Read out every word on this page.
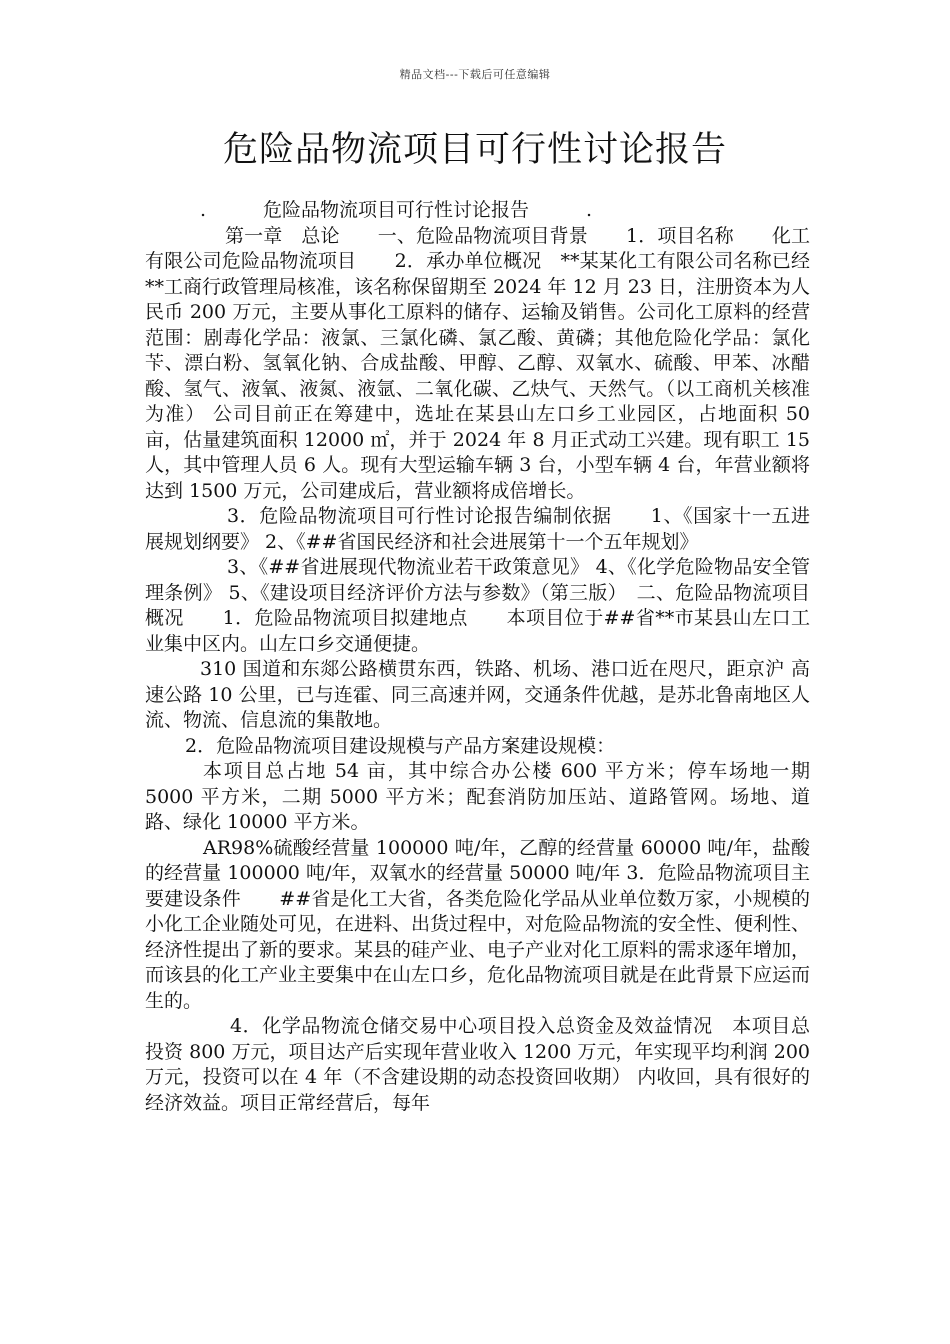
精品文档---下载后可任意编辑
危险品物流项目可行性讨论报告

.　　　危险品物流项目可行性讨论报告　　　.

第一章　总论　　一、危险品物流项目背景　　1．项目名称　　化工有限公司危险品物流项目　　2．承办单位概况　**某某化工有限公司名称已经**工商行政管理局核准，该名称保留期至 2024 年 12 月 23 日，注册资本为人民币 200 万元，主要从事化工原料的储存、运输及销售。公司化工原料的经营范围：剧毒化学品：液氯、三氯化磷、氯乙酸、黄磷；其他危险化学品：氯化苄、漂白粉、氢氧化钠、合成盐酸、甲醇、乙醇、双氧水、硫酸、甲苯、冰醋酸、氢气、液氧、液氮、液氩、二氧化碳、乙炔气、天然气。（以工商机关核准为准） 公司目前正在筹建中，选址在某县山左口乡工业园区，占地面积 50 亩，估量建筑面积 12000 ㎡，并于 2024 年 8 月正式动工兴建。现有职工 15 人，其中管理人员 6 人。现有大型运输车辆 3 台，小型车辆 4 台，年营业额将达到 1500 万元，公司建成后，营业额将成倍增长。

3．危险品物流项目可行性讨论报告编制依据　　1、《国家十一五进展规划纲要》 2、《##省国民经济和社会进展第十一个五年规划》

3、《##省进展现代物流业若干政策意见》 4、《化学危险物品安全管理条例》 5、《建设项目经济评价方法与参数》（第三版）　二、危险品物流项目概况　　1．危险品物流项目拟建地点　　本项目位于##省**市某县山左口工业集中区内。山左口乡交通便捷。

310 国道和东郯公路横贯东西，铁路、机场、港口近在咫尺，距京沪 高速公路 10 公里，已与连霍、同三高速并网，交通条件优越，是苏北鲁南地区人流、物流、信息流的集散地。

2．危险品物流项目建设规模与产品方案建设规模：

本项目总占地 54 亩，其中综合办公楼 600 平方米；停车场地一期 5000 平方米，二期 5000 平方米；配套消防加压站、道路管网。场地、道路、绿化 10000 平方米。

AR98%硫酸经营量 100000 吨/年，乙醇的经营量 60000 吨/年，盐酸的经营量 100000 吨/年，双氧水的经营量 50000 吨/年 3．危险品物流项目主要建设条件　　##省是化工大省，各类危险化学品从业单位数万家，小规模的小化工企业随处可见，在进料、出货过程中，对危险品物流的安全性、便利性、经济性提出了新的要求。某县的硅产业、电子产业对化工原料的需求逐年增加，而该县的化工产业主要集中在山左口乡，危化品物流项目就是在此背景下应运而生的。

4．化学品物流仓储交易中心项目投入总资金及效益情况　本项目总投资 800 万元，项目达产后实现年营业收入 1200 万元，年实现平均利润 200 万元，投资可以在 4 年（不含建设期的动态投资回收期） 内收回，具有很好的经济效益。项目正常经营后，每年
